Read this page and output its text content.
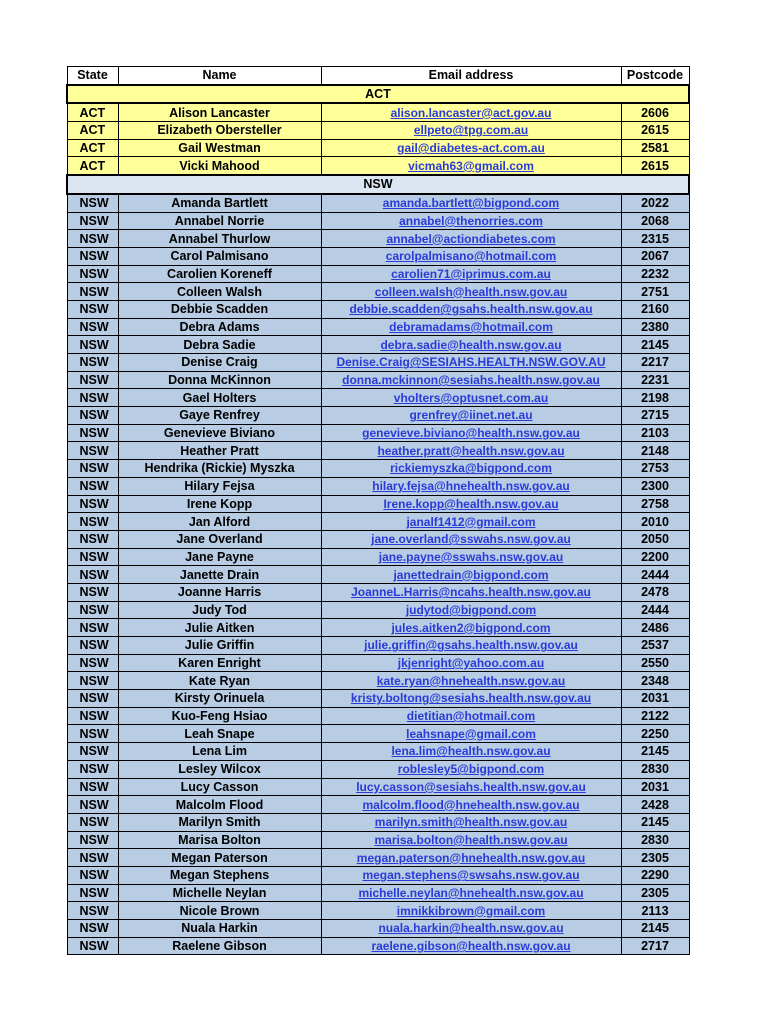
State	Name	Email address	Postcode
ACT			
ACT	Alison Lancaster	alison.lancaster@act.gov.au	2606
ACT	Elizabeth Obersteller	ellpeto@tpg.com.au	2615
ACT	Gail Westman	gail@diabetes-act.com.au	2581
ACT	Vicki Mahood	vicmah63@gmail.com	2615
NSW			
NSW	Amanda Bartlett	amanda.bartlett@bigpond.com	2022
NSW	Annabel Norrie	annabel@thenorries.com	2068
NSW	Annabel Thurlow	annabel@actiondiabetes.com	2315
NSW	Carol Palmisano	carolpalmisano@hotmail.com	2067
NSW	Carolien Koreneff	carolien71@iprimus.com.au	2232
NSW	Colleen Walsh	colleen.walsh@health.nsw.gov.au	2751
NSW	Debbie Scadden	debbie.scadden@gsahs.health.nsw.gov.au	2160
NSW	Debra Adams	debramadams@hotmail.com	2380
NSW	Debra Sadie	debra.sadie@health.nsw.gov.au	2145
NSW	Denise Craig	Denise.Craig@SESIAHS.HEALTH.NSW.GOV.AU	2217
NSW	Donna McKinnon	donna.mckinnon@sesiahs.health.nsw.gov.au	2231
NSW	Gael Holters	vholters@optusnet.com.au	2198
NSW	Gaye Renfrey	grenfrey@iinet.net.au	2715
NSW	Genevieve Biviano	genevieve.biviano@health.nsw.gov.au	2103
NSW	Heather Pratt	heather.pratt@health.nsw.gov.au	2148
NSW	Hendrika (Rickie) Myszka	rickiemyszka@bigpond.com	2753
NSW	Hilary Fejsa	hilary.fejsa@hnehealth.nsw.gov.au	2300
NSW	Irene Kopp	Irene.kopp@health.nsw.gov.au	2758
NSW	Jan Alford	janalf1412@gmail.com	2010
NSW	Jane Overland	jane.overland@sswahs.nsw.gov.au	2050
NSW	Jane Payne	jane.payne@sswahs.nsw.gov.au	2200
NSW	Janette Drain	janettedrain@bigpond.com	2444
NSW	Joanne Harris	JoanneL.Harris@ncahs.health.nsw.gov.au	2478
NSW	Judy Tod	judytod@bigpond.com	2444
NSW	Julie Aitken	jules.aitken2@bigpond.com	2486
NSW	Julie Griffin	julie.griffin@gsahs.health.nsw.gov.au	2537
NSW	Karen Enright	jkjenright@yahoo.com.au	2550
NSW	Kate Ryan	kate.ryan@hnehealth.nsw.gov.au	2348
NSW	Kirsty Orinuela	kristy.boltong@sesiahs.health.nsw.gov.au	2031
NSW	Kuo-Feng Hsiao	dietitian@hotmail.com	2122
NSW	Leah Snape	leahsnape@gmail.com	2250
NSW	Lena Lim	lena.lim@health.nsw.gov.au	2145
NSW	Lesley Wilcox	roblesley5@bigpond.com	2830
NSW	Lucy Casson	lucy.casson@sesiahs.health.nsw.gov.au	2031
NSW	Malcolm Flood	malcolm.flood@hnehealth.nsw.gov.au	2428
NSW	Marilyn Smith	marilyn.smith@health.nsw.gov.au	2145
NSW	Marisa Bolton	marisa.bolton@health.nsw.gov.au	2830
NSW	Megan Paterson	megan.paterson@hnehealth.nsw.gov.au	2305
NSW	Megan Stephens	megan.stephens@swsahs.nsw.gov.au	2290
NSW	Michelle Neylan	michelle.neylan@hnehealth.nsw.gov.au	2305
NSW	Nicole Brown	imnikkibrown@gmail.com	2113
NSW	Nuala Harkin	nuala.harkin@health.nsw.gov.au	2145
NSW	Raelene Gibson	raelene.gibson@health.nsw.gov.au	2717
